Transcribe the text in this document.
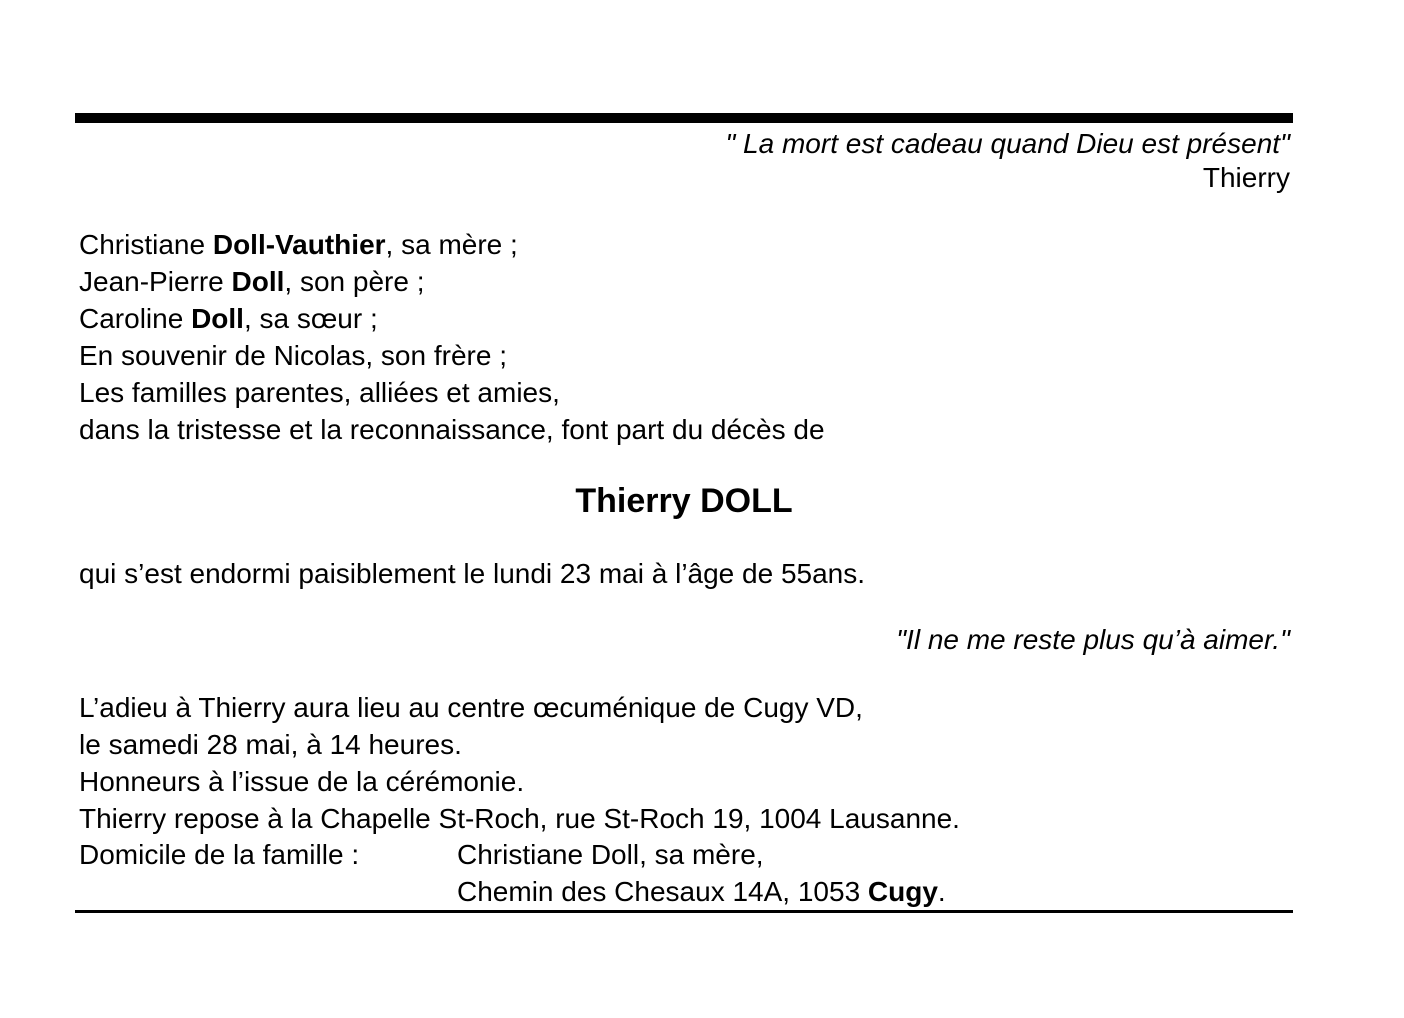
" La mort est cadeau quand Dieu est présent"
Thierry
Christiane Doll-Vauthier, sa mère ;
Jean-Pierre Doll, son père ;
Caroline Doll, sa sœur ;
En souvenir de Nicolas, son frère ;
Les familles parentes, alliées et amies,
dans la tristesse et la reconnaissance, font part du décès de
Thierry DOLL
qui s’est endormi paisiblement le lundi 23 mai à l’âge de 55ans.
"Il ne me reste plus qu’à aimer."
L’adieu à Thierry aura lieu au centre œcuménique de Cugy VD,
le samedi 28 mai, à 14 heures.
Honneurs à l’issue de la cérémonie.
Thierry repose à la Chapelle St-Roch, rue St-Roch 19, 1004 Lausanne.
Domicile de la famille :	Christiane Doll, sa mère,
Chemin des Chesaux 14A, 1053 Cugy.
